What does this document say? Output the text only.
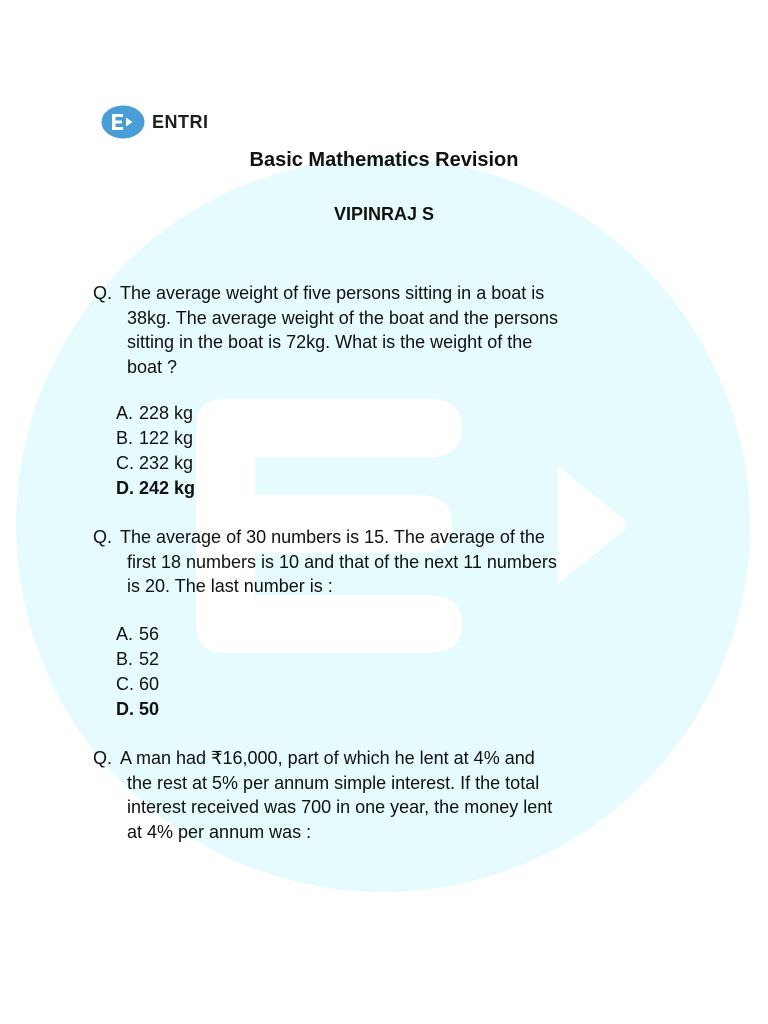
ENTRI
Basic Mathematics Revision
VIPINRAJ S
Q. The average weight of five persons sitting in a boat is
38kg. The average weight of the boat and the persons
sitting in the boat is 72kg. What is the weight of the
boat ?
A. 228 kg
B. 122 kg
C. 232 kg
D. 242 kg
Q. The average of 30 numbers is 15. The average of the
first 18 numbers is 10 and that of the next 11 numbers
is 20. The last number is :
A. 56
B. 52
C. 60
D. 50
Q. A man had ₹16,000, part of which he lent at 4% and
the rest at 5% per annum simple interest. If the total
interest received was 700 in one year, the money lent
at 4% per annum was :
